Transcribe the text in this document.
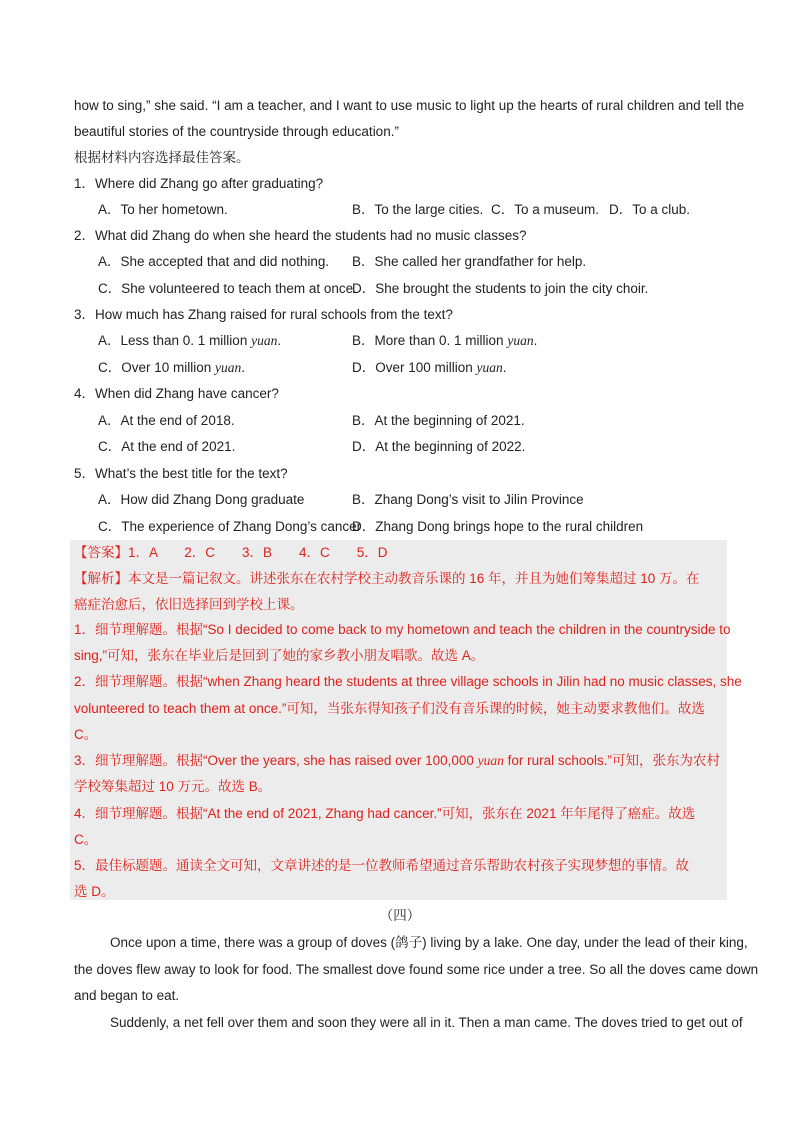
how to sing,” she said. “I am a teacher, and I want to use music to light up the hearts of rural children and tell the
beautiful stories of the countryside through education.”
根据材料内容选择最佳答案。
1．Where did Zhang go after graduating?
A．To her hometown.	B．To the large cities. C．To a museum. D．To a club.
2．What did Zhang do when she heard the students had no music classes?
A．She accepted that and did nothing. B．She called her grandfather for help.
C．She volunteered to teach them at once.
D．She brought the students to join the city choir.
3．How much has Zhang raised for rural schools from the text?
A．Less than 0. 1 million yuan.	B．More than 0. 1 million yuan.
C．Over 10 million yuan.	D．Over 100 million yuan.
4．When did Zhang have cancer?
A．At the end of 2018.	B．At the beginning of 2021.
C．At the end of 2021.	D．At the beginning of 2022.
5．What’s the best title for the text?
A．How did Zhang Dong graduate	B．Zhang Dong’s visit to Jilin Province
C．The experience of Zhang Dong’s cancer
D．Zhang Dong brings hope to the rural children
【答案】1．A　　2．C　　3．B　　4．C　　5．D
【解析】本文是一篇记叙文。讲述张东在农村学校主动教音乐课的 16 年，并且为她们筹集超过 10 万。在
癌症治愈后，依旧选择回到学校上课。
1．细节理解题。根据“So I decided to come back to my hometown and teach the children in the countryside to
sing,”可知，张东在毕业后是回到了她的家乡教小朋友唱歌。故选 A。
2．细节理解题。根据“when Zhang heard the students at three village schools in Jilin had no music classes, she
volunteered to teach them at once.”可知，当张东得知孩子们没有音乐课的时候，她主动要求教他们。故选
C。
3．细节理解题。根据“Over the years, she has raised over 100,000 yuan for rural schools.”可知，张东为农村
学校筹集超过 10 万元。故选 B。
4．细节理解题。根据“At the end of 2021, Zhang had cancer.”可知，张东在 2021 年年尾得了癌症。故选
C。
5．最佳标题题。通读全文可知，文章讲述的是一位教师希望通过音乐帮助农村孩子实现梦想的事情。故
选 D。
（四）
Once upon a time, there was a group of doves (鸽子) living by a lake. One day, under the lead of their king,
the doves flew away to look for food. The smallest dove found some rice under a tree. So all the doves came down
and began to eat.
Suddenly, a net fell over them and soon they were all in it. Then a man came. The doves tried to get out of
